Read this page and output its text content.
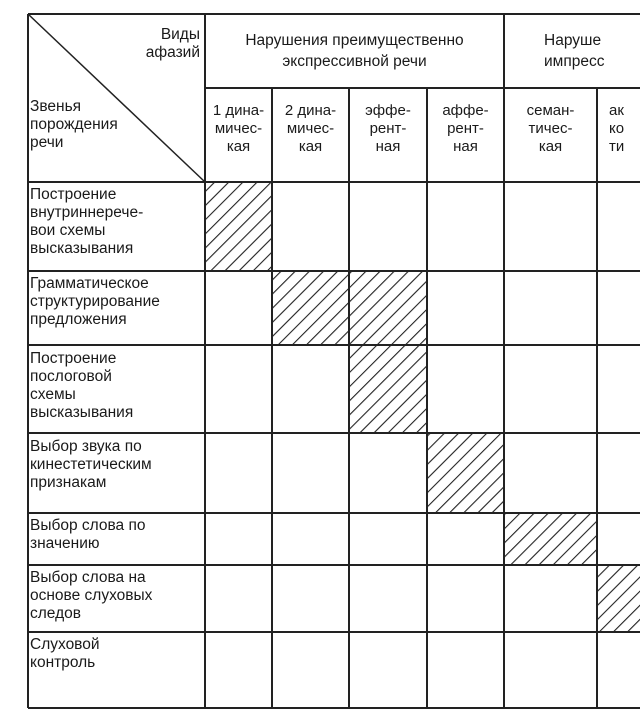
Виды
афазий
Звенья
порождения
речи
Нарушения преимущественно
экспрессивной речи
Наруше
импресс
1 дина-
мичес-
кая
2 дина-
мичес-
кая
эффе-
рент-
ная
аффе-
рент-
ная
семан-
тичес-
кая
ак
ко
ти
Построение
внутриннерече-
вои схемы
высказывания
Грамматическое
структурирование
предложения
Построение
послоговой
схемы
высказывания
Выбор звука по
кинестетическим
признакам
Выбор слова по
значению
Выбор слова на
основе слуховых
следов
Слуховой
контроль
